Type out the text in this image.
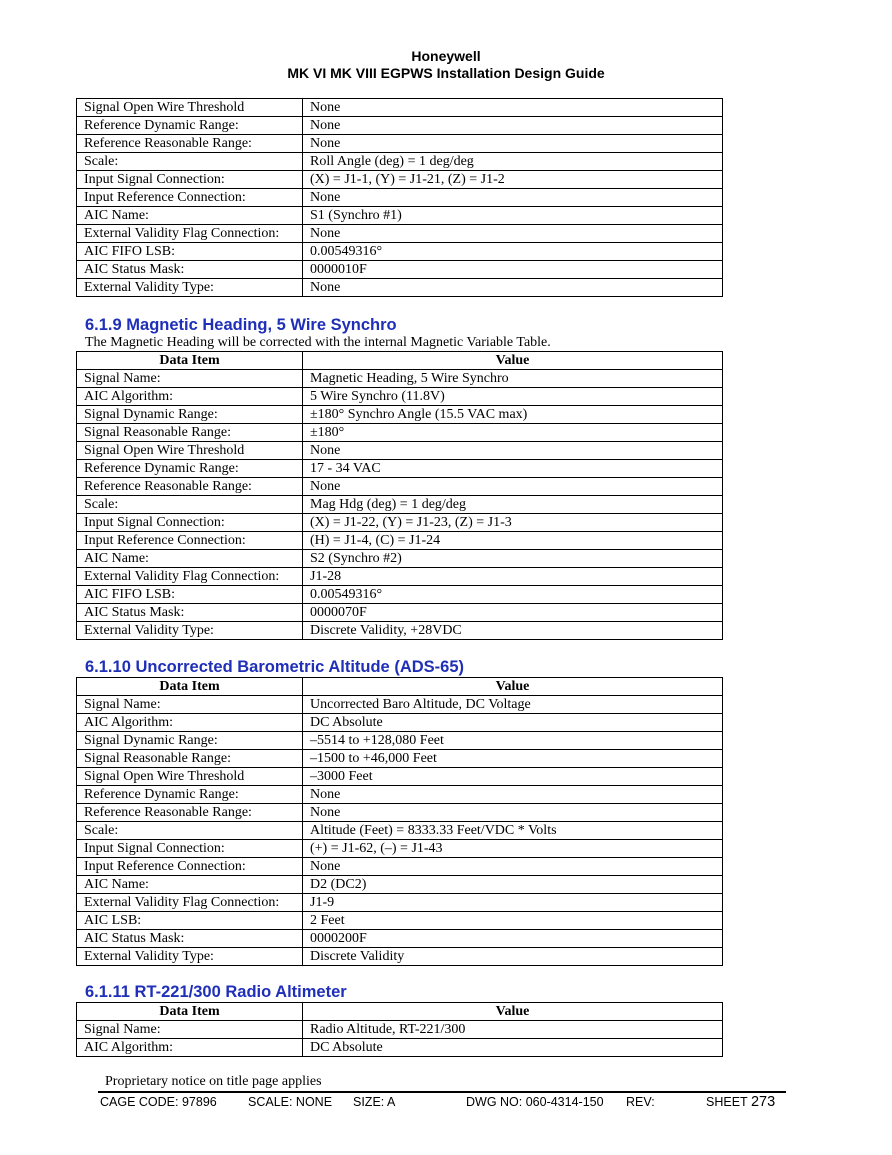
Honeywell
MK VI MK VIII EGPWS Installation Design Guide
Signal Open Wire Threshold	None
Reference Dynamic Range:	None
Reference Reasonable Range:	None
Scale:	Roll Angle (deg) = 1 deg/deg
Input Signal Connection:	(X) = J1-1, (Y) = J1-21, (Z) = J1-2
Input Reference Connection:	None
AIC Name:	S1 (Synchro #1)
External Validity Flag Connection:	None
AIC FIFO LSB:	0.00549316°
AIC Status Mask:	0000010F
External Validity Type:	None
6.1.9 Magnetic Heading, 5 Wire Synchro
The Magnetic Heading will be corrected with the internal Magnetic Variable Table.
Data Item	Value
Signal Name:	Magnetic Heading, 5 Wire Synchro
AIC Algorithm:	5 Wire Synchro (11.8V)
Signal Dynamic Range:	±180° Synchro Angle (15.5 VAC max)
Signal Reasonable Range:	±180°
Signal Open Wire Threshold	None
Reference Dynamic Range:	17 - 34 VAC
Reference Reasonable Range:	None
Scale:	Mag Hdg (deg) = 1 deg/deg
Input Signal Connection:	(X) = J1-22, (Y) = J1-23, (Z) = J1-3
Input Reference Connection:	(H) = J1-4, (C) = J1-24
AIC Name:	S2 (Synchro #2)
External Validity Flag Connection:	J1-28
AIC FIFO LSB:	0.00549316°
AIC Status Mask:	0000070F
External Validity Type:	Discrete Validity, +28VDC
6.1.10 Uncorrected Barometric Altitude (ADS-65)
Data Item	Value
Signal Name:	Uncorrected Baro Altitude, DC Voltage
AIC Algorithm:	DC Absolute
Signal Dynamic Range:	–5514 to +128,080 Feet
Signal Reasonable Range:	–1500 to +46,000 Feet
Signal Open Wire Threshold	–3000 Feet
Reference Dynamic Range:	None
Reference Reasonable Range:	None
Scale:	Altitude (Feet) = 8333.33 Feet/VDC * Volts
Input Signal Connection:	(+) = J1-62, (–) = J1-43
Input Reference Connection:	None
AIC Name:	D2 (DC2)
External Validity Flag Connection:	J1-9
AIC LSB:	2 Feet
AIC Status Mask:	0000200F
External Validity Type:	Discrete Validity
6.1.11 RT-221/300 Radio Altimeter
Data Item	Value
Signal Name:	Radio Altitude, RT-221/300
AIC Algorithm:	DC Absolute
Proprietary notice on title page applies
CAGE CODE: 97896	SCALE: NONE SIZE: A	DWG NO: 060-4314-150 REV:	SHEET 273
